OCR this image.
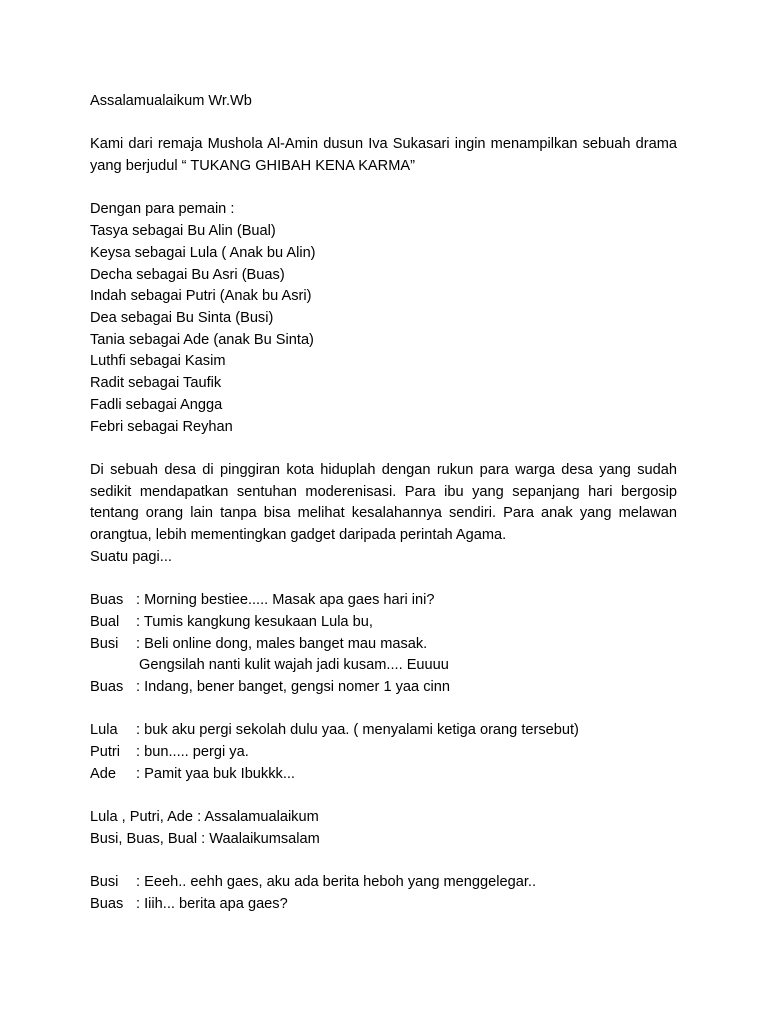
Assalamualaikum Wr.Wb
Kami dari remaja Mushola Al-Amin dusun Iva Sukasari ingin menampilkan sebuah drama yang berjudul “ TUKANG GHIBAH KENA KARMA”
Dengan para pemain :
Tasya sebagai Bu Alin (Bual)
Keysa sebagai Lula ( Anak bu Alin)
Decha sebagai Bu Asri (Buas)
Indah sebagai Putri (Anak bu Asri)
Dea sebagai Bu Sinta (Busi)
Tania sebagai Ade (anak Bu Sinta)
Luthfi sebagai Kasim
Radit sebagai Taufik
Fadli sebagai Angga
Febri sebagai Reyhan
Di sebuah desa di pinggiran kota hiduplah dengan rukun para warga desa yang sudah sedikit mendapatkan sentuhan moderenisasi. Para ibu yang sepanjang hari bergosip tentang orang lain tanpa bisa melihat kesalahannya sendiri. Para anak yang melawan orangtua, lebih mementingkan gadget daripada perintah Agama.
Suatu pagi...
Buas : Morning bestiee..... Masak apa gaes hari ini?
Bual	: Tumis kangkung kesukaan Lula bu,
Busi	: Beli online dong, males banget mau masak.
Gengsilah nanti kulit wajah jadi kusam.... Euuuu
Buas : Indang, bener banget, gengsi nomer 1 yaa cinn
Lula	: buk aku pergi sekolah dulu yaa. ( menyalami ketiga orang tersebut)
Putri	: bun..... pergi ya.
Ade	: Pamit yaa buk Ibukkk...
Lula , Putri, Ade : Assalamualaikum
Busi, Buas, Bual : Waalaikumsalam
Busi	: Eeeh.. eehh gaes, aku ada berita heboh yang menggelegar..
Buas : Iiih... berita apa gaes?
